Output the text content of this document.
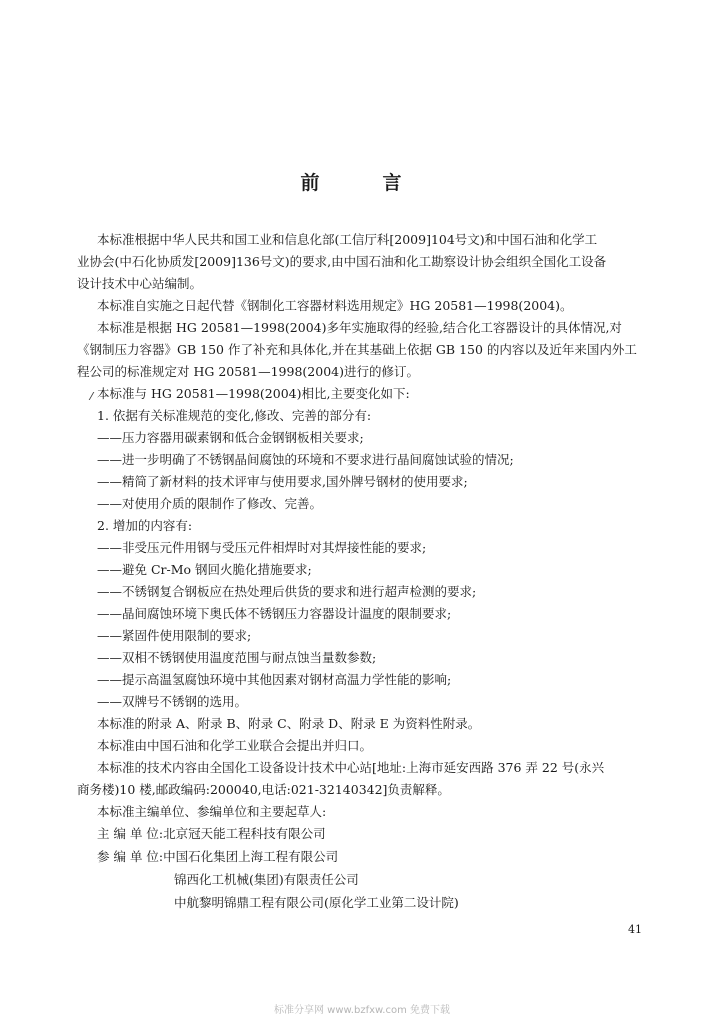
前　言
本标准根据中华人民共和国工业和信息化部(工信厅科[2009]104号文)和中国石油和化学工
业协会(中石化协质发[2009]136号文)的要求,由中国石油和化工勘察设计协会组织全国化工设备
设计技术中心站编制。
本标准自实施之日起代替《钢制化工容器材料选用规定》HG 20581—1998(2004)。
本标准是根据 HG 20581—1998(2004)多年实施取得的经验,结合化工容器设计的具体情况,对
《钢制压力容器》GB 150 作了补充和具体化,并在其基础上依据 GB 150 的内容以及近年来国内外工
程公司的标准规定对 HG 20581—1998(2004)进行的修订。
本标准与 HG 20581—1998(2004)相比,主要变化如下:
1. 依据有关标准规范的变化,修改、完善的部分有:
——压力容器用碳素钢和低合金钢钢板相关要求;
——进一步明确了不锈钢晶间腐蚀的环境和不要求进行晶间腐蚀试验的情况;
——精简了新材料的技术评审与使用要求,国外牌号钢材的使用要求;
——对使用介质的限制作了修改、完善。
2. 增加的内容有:
——非受压元件用钢与受压元件相焊时对其焊接性能的要求;
——避免 Cr-Mo 钢回火脆化措施要求;
——不锈钢复合钢板应在热处理后供货的要求和进行超声检测的要求;
——晶间腐蚀环境下奥氏体不锈钢压力容器设计温度的限制要求;
——紧固件使用限制的要求;
——双相不锈钢使用温度范围与耐点蚀当量数参数;
——提示高温氢腐蚀环境中其他因素对钢材高温力学性能的影响;
——双牌号不锈钢的选用。
本标准的附录 A、附录 B、附录 C、附录 D、附录 E 为资料性附录。
本标准由中国石油和化学工业联合会提出并归口。
本标准的技术内容由全国化工设备设计技术中心站[地址:上海市延安西路 376 弄 22 号(永兴
商务楼)10 楼,邮政编码:200040,电话:021-32140342]负责解释。
本标准主编单位、参编单位和主要起草人:
主 编 单 位:北京冠天能工程科技有限公司
参 编 单 位:中国石化集团上海工程有限公司
锦西化工机械(集团)有限责任公司
中航黎明锦鼎工程有限公司(原化学工业第二设计院)
41
标准分享网 www.bzfxw.com 免费下载
